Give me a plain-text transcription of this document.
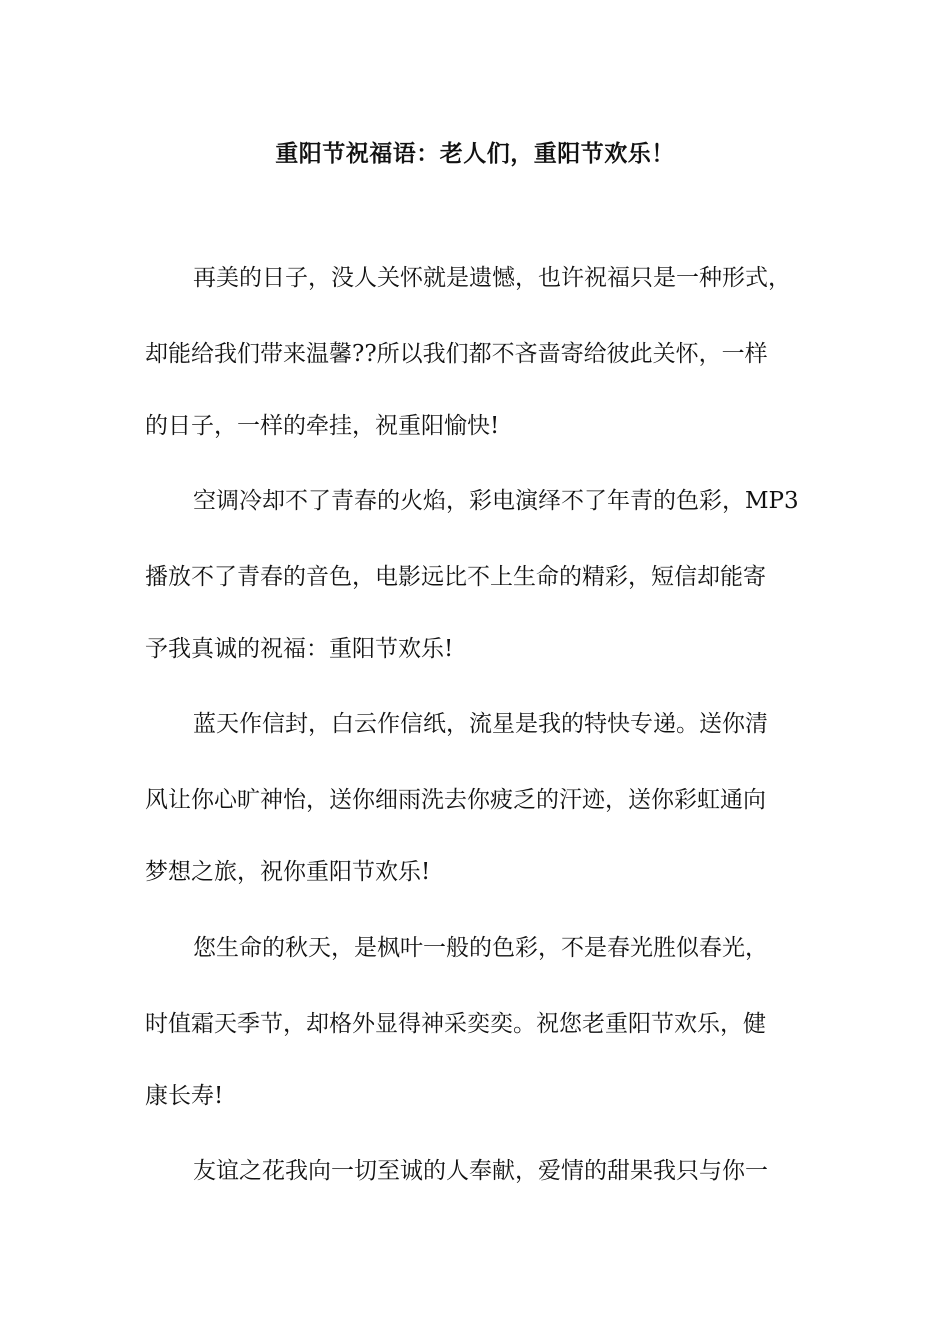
重阳节祝福语：老人们，重阳节欢乐！
再美的日子，没人关怀就是遗憾，也许祝福只是一种形式，
却能给我们带来温馨??所以我们都不吝啬寄给彼此关怀，一样
的日子，一样的牵挂，祝重阳愉快!
空调冷却不了青春的火焰，彩电演绎不了年青的色彩，MP3
播放不了青春的音色，电影远比不上生命的精彩，短信却能寄
予我真诚的祝福：重阳节欢乐!
蓝天作信封，白云作信纸，流星是我的特快专递。送你清
风让你心旷神怡，送你细雨洗去你疲乏的汗迹，送你彩虹通向
梦想之旅，祝你重阳节欢乐!
您生命的秋天，是枫叶一般的色彩，不是春光胜似春光，
时值霜天季节，却格外显得神采奕奕。祝您老重阳节欢乐，健
康长寿!
友谊之花我向一切至诚的人奉献，爱情的甜果我只与你一
